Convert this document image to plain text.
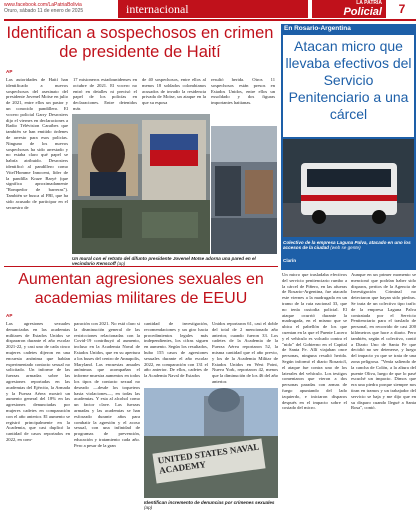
www.facebook.com/LaPatriaBolivia
Oruro, sábado 11 de enero de 2025	internacional	LA PATRIA
Policial	7
Identifican a sospechosos en crimen de presidente de Haití
AP
Las autoridades de Haití han identificado a nuevos sospechosos del asesinato del presidente Jovenel Moïse en julio de 2021, entre ellos un pastor y un conocido pandillero. El vocero policial Garry Desrosiers dijo el viernes en declaraciones a Radio Télévision Caraïbes que también se han emitido órdenes de arresto para esos policías. Ninguno de los nuevos sospechosos ha sido arrestado y no estaba claro qué papel se habría atribuido. Desrosiers identificó al pandillero como Vitel'Homme Innocent, líder de la pandilla Kraze Baryè (que significa aproximadamente "Rompedor de barreras"). También se busca al FBI, que ha sido acusado de participar en el secuestro de
17 misioneros estadounidenses en octubre de 2021. El vocero no entró en detalles ni precisó el papel de los policías en declaraciones. Entre detenidos más
de 40 sospechosos, entre ellos al menos 18 soldados colombianos acusados de invadir la residencia privada de Moïse, un ataque en la que su esposa
resultó herida. Otros 11 sospechosos están presos en Estados Unidos, entre ellos un exsoldado y dos figuras importantes haitianas.
Un mural con el retrato del difunto presidente Jovenel Moïse adorna una pared en el vecindario Kenscoff (ap)
En Rosario-Argentina
Atacan micro que llevaba efectivos del Servicio Penitenciario a una cárcel
Colectivo de la empresa Laguna Palva, atacado en uno los accesos de la ciudad (web se gente)
Clarín
Un micro que trasladaba efectivos del servicio penitenciario rumbo a la cárcel de Piñero, en las afueras de Rosario-Argentina, fue atacado este viernes a la madrugada en un tramo de la ruta nacional 33, que no tenía custodia policial. El ataque ocurrió durante la madrugada, en el mismo que se ubica el pabellón de los que cuentan en la que el Puente Lucero y el vehículo es volcado contra el "nido" del Gobierno en el Capital de Santa Fe. Allí viajaban once personas, ninguna resultó herida. Según informó el diario Rosario3, el ataque fue contra uno de los laterales del vehículo. Los testigos comentaron que vieron a dos personas paradas con armas de fuego apuntando del lado izquierdo, e iniciaron disparos después en el impacto sobre el costado del micro.
Aunque en un primer momento se mencionó que podrían haber sido disparos, peritos de la Agencia de Investigación Criminal no detectaron que hayan sido piedras. Se trata de un colectivo tipo trafic de la empresa Laguna Palva contratada por el Servicio Penitenciario para el traslado de personal, en recorrido de casi 200 kilómetros que hace a diario. Pero también, según el colectivo, contó a Diario Uno de Santa Fe que decidió no ser detenerse, y luego del impacto ya que se trata de una zona peligrosa. "Venía saliendo de la cancha de Colón, a la altura del puente Oliva, luego de que lo pasé escuché un impacto. Dimos que era una piedra porque siempre nos tiran en tramos y un trabajador del servicio se baja y me dijo que en su disparo cuando llegué a Santa Rosa", contó.
Aumentan agresiones sexuales en academias militares de EEUU
AP
Las agresiones sexuales denunciadas en las academias militares de Estados Unidos se dispararon durante el año escolar 2021-22, y casi uno de cada cinco mujeres cadetes dijeron en una encuesta anónima que habían experimentado contacto sexual no solicitado. Un informe de las fuerzas armadas sobre las agresiones reportadas en las academias del Ejército, la Armada y la Fuerza Aérea mostró un aumento general del 18% en las agresiones denunciadas por mujeres cadetes en comparación con el año anterior. El aumento se registró principalmente en la Academia, que casi duplicó la cantidad de casos reportados en 2022, en com-
paración con 2021. No está claro si la disminución general de las restricciones relacionadas con la Covid-19 contribuyó al aumento, incluso en la Academia Naval de Estados Unidos, que en su apertura a los buses del centro de Annapolis, Maryland. Las encuestas anuales anónimas que acompañan el informe muestra aumentos en todos los tipos de contacto sexual no deseado —desde los toqueteos hasta violaciones—, en todas las academias. Y esta al alcohol como un factor clave. Las fuerzas armadas y las academias se han esforzado durante años para combatir la agresión y el acoso sexual, con una infinidad de programas de prevención, educación y tratamiento cada año. Pero a pesar de la gran
cantidad de investigación, recomendaciones y un giro hacia procedimientos legales más independientes, los cifras siguen en aumento. Según los resultados, hubo 155 casos de agresiones sexuales durante el año escolar 2022, en comparación con 131 el año anterior. De ellos, cadetes de la Academia Naval de Estados
Unidos reportaron 61, casi el doble del total de 2 mencionado año anterior, cuando fueron 33. Los cadetes de la Academia de la Fuerza Aérea reportaron 52, la misma cantidad que el año previo, y los de la Academia Militar de Estados Unidos en West Point, Nueva York, reportaron 42, menos que la diminución de los 46 del año anterior.
UNITED STATES NAVAL ACADEMY
Identifican incremento de denuncias por crímenes sexuales (ap)
